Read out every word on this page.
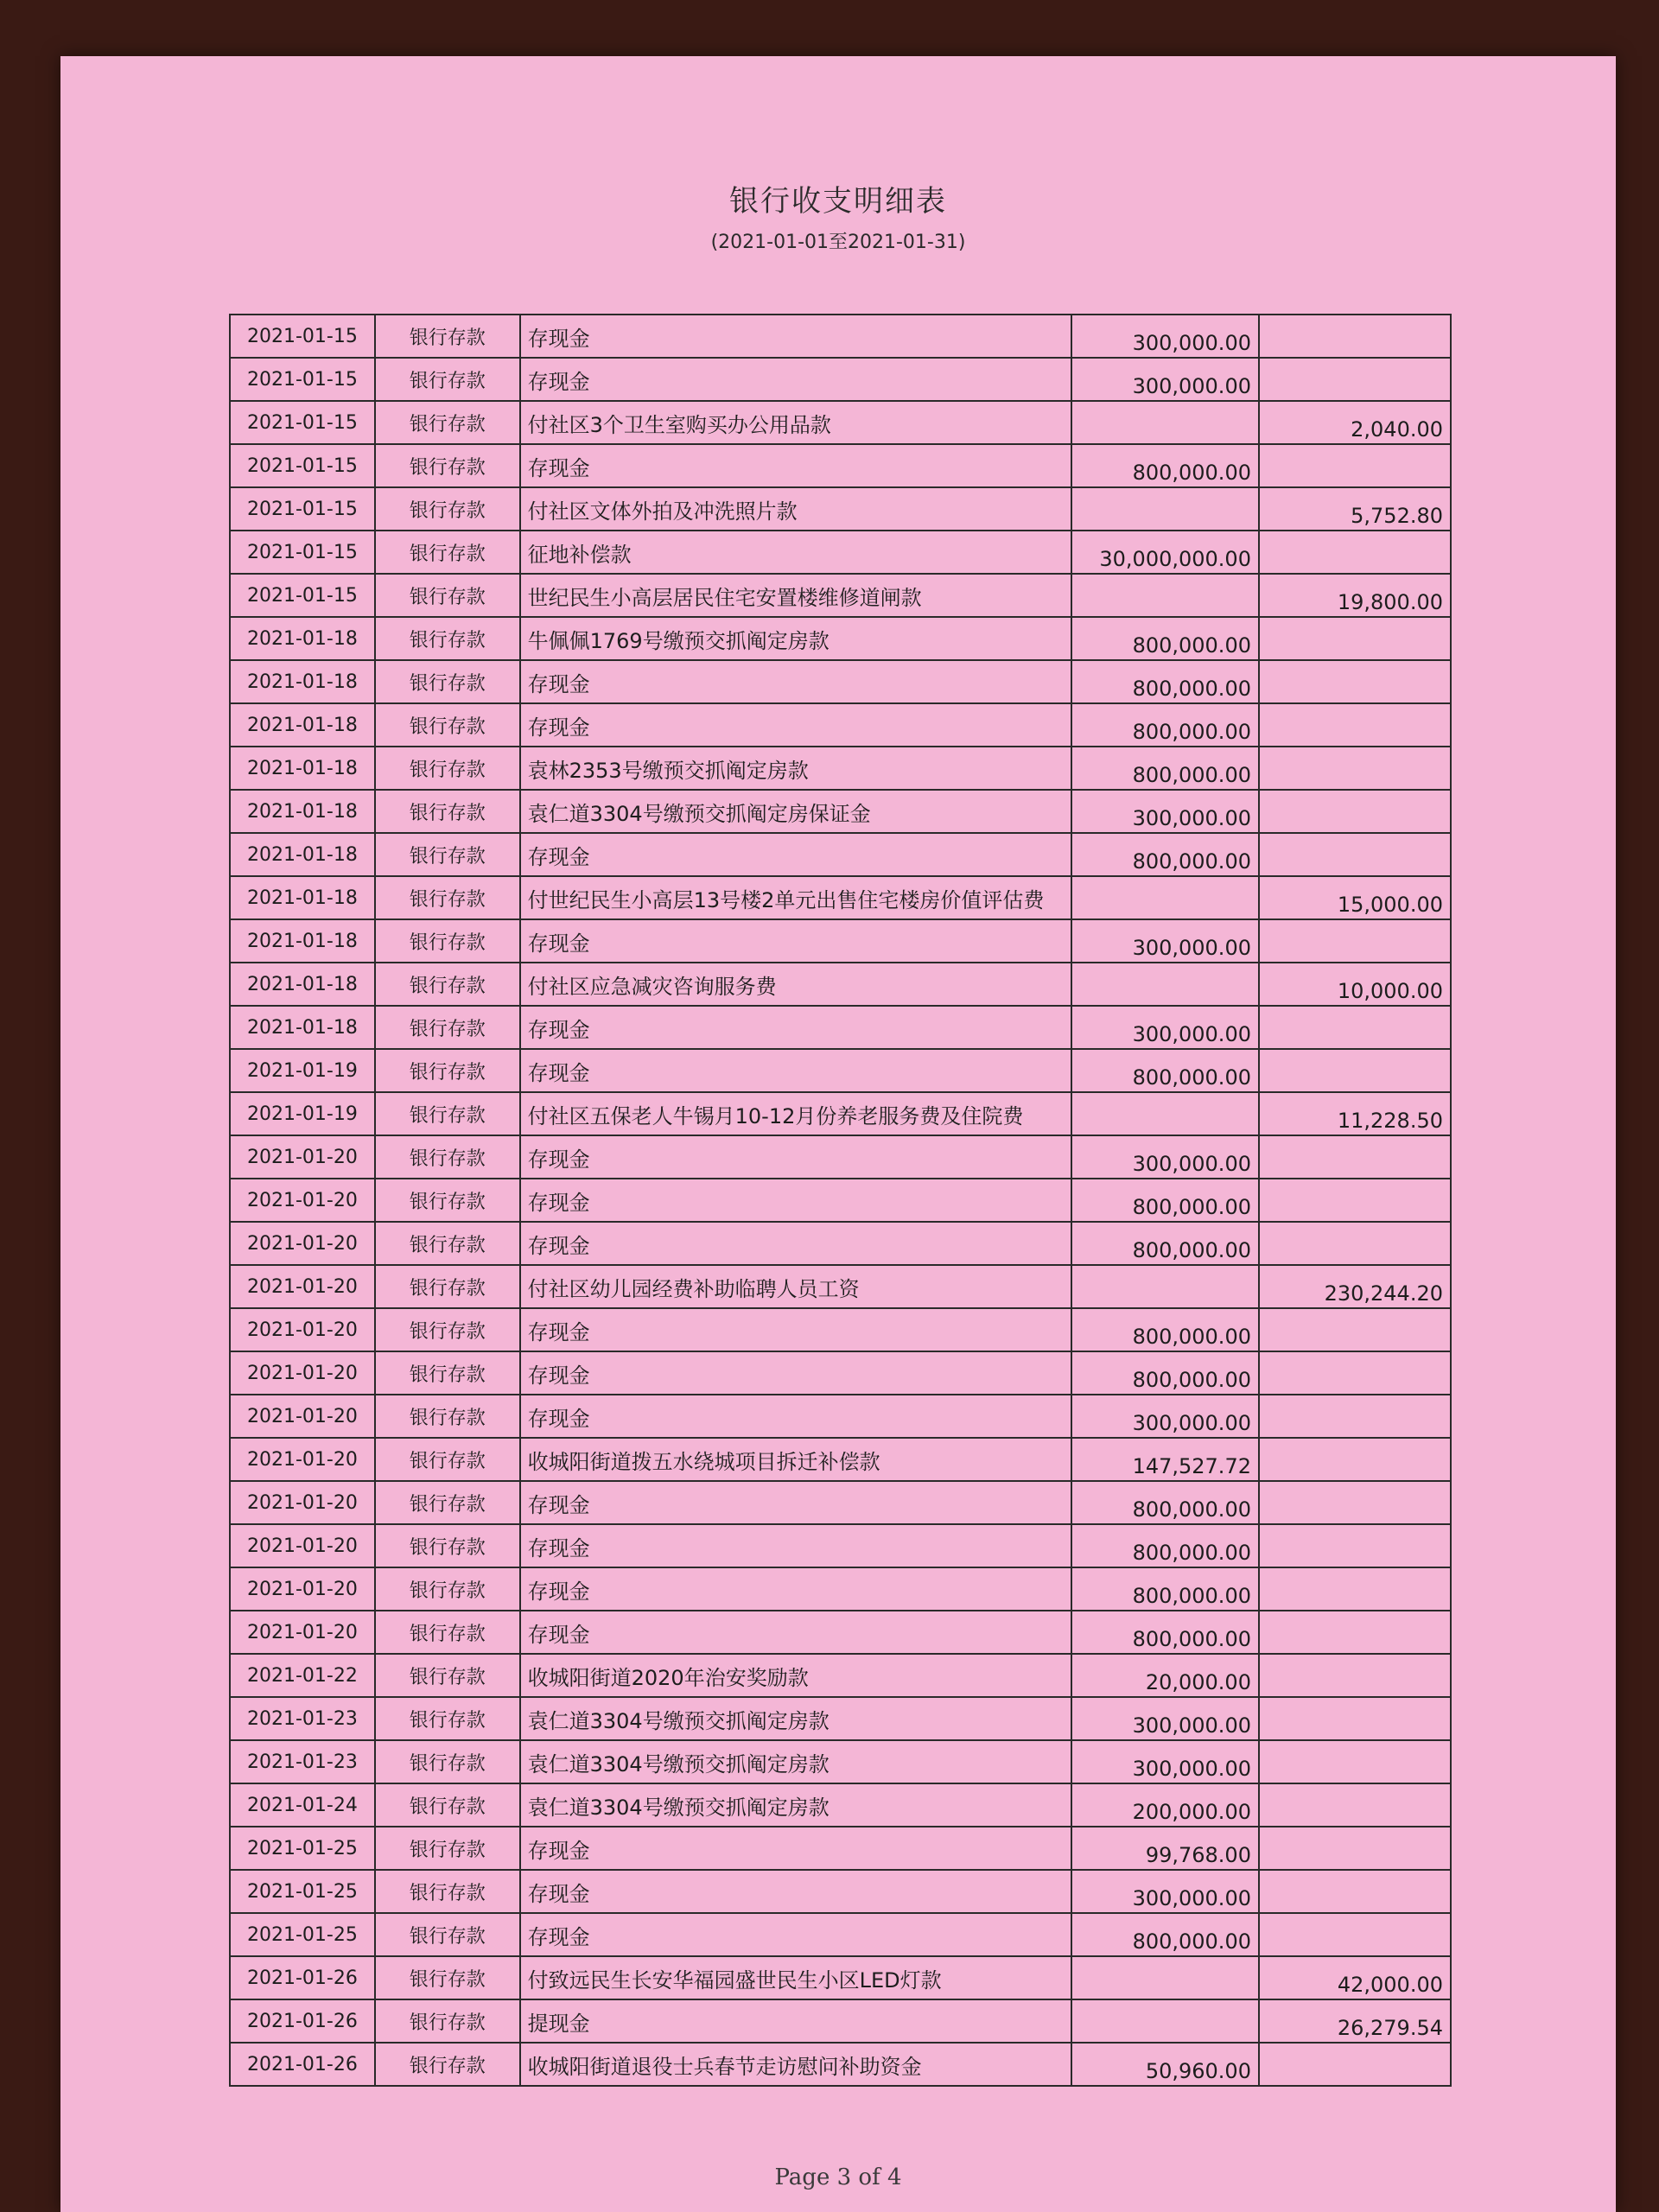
银行收支明细表
(2021-01-01至2021-01-31)
2021-01-15	银行存款	存现金	300,000.00	
2021-01-15	银行存款	存现金	300,000.00	
2021-01-15	银行存款	付社区3个卫生室购买办公用品款		2,040.00
2021-01-15	银行存款	存现金	800,000.00	
2021-01-15	银行存款	付社区文体外拍及冲洗照片款		5,752.80
2021-01-15	银行存款	征地补偿款	30,000,000.00	
2021-01-15	银行存款	世纪民生小高层居民住宅安置楼维修道闸款		19,800.00
2021-01-18	银行存款	牛佩佩1769号缴预交抓阄定房款	800,000.00	
2021-01-18	银行存款	存现金	800,000.00	
2021-01-18	银行存款	存现金	800,000.00	
2021-01-18	银行存款	袁林2353号缴预交抓阄定房款	800,000.00	
2021-01-18	银行存款	袁仁道3304号缴预交抓阄定房保证金	300,000.00	
2021-01-18	银行存款	存现金	800,000.00	
2021-01-18	银行存款	付世纪民生小高层13号楼2单元出售住宅楼房价值评估费		15,000.00
2021-01-18	银行存款	存现金	300,000.00	
2021-01-18	银行存款	付社区应急减灾咨询服务费		10,000.00
2021-01-18	银行存款	存现金	300,000.00	
2021-01-19	银行存款	存现金	800,000.00	
2021-01-19	银行存款	付社区五保老人牛锡月10-12月份养老服务费及住院费		11,228.50
2021-01-20	银行存款	存现金	300,000.00	
2021-01-20	银行存款	存现金	800,000.00	
2021-01-20	银行存款	存现金	800,000.00	
2021-01-20	银行存款	付社区幼儿园经费补助临聘人员工资		230,244.20
2021-01-20	银行存款	存现金	800,000.00	
2021-01-20	银行存款	存现金	800,000.00	
2021-01-20	银行存款	存现金	300,000.00	
2021-01-20	银行存款	收城阳街道拨五水绕城项目拆迁补偿款	147,527.72	
2021-01-20	银行存款	存现金	800,000.00	
2021-01-20	银行存款	存现金	800,000.00	
2021-01-20	银行存款	存现金	800,000.00	
2021-01-20	银行存款	存现金	800,000.00	
2021-01-22	银行存款	收城阳街道2020年治安奖励款	20,000.00	
2021-01-23	银行存款	袁仁道3304号缴预交抓阄定房款	300,000.00	
2021-01-23	银行存款	袁仁道3304号缴预交抓阄定房款	300,000.00	
2021-01-24	银行存款	袁仁道3304号缴预交抓阄定房款	200,000.00	
2021-01-25	银行存款	存现金	99,768.00	
2021-01-25	银行存款	存现金	300,000.00	
2021-01-25	银行存款	存现金	800,000.00	
2021-01-26	银行存款	付致远民生长安华福园盛世民生小区LED灯款		42,000.00
2021-01-26	银行存款	提现金		26,279.54
2021-01-26	银行存款	收城阳街道退役士兵春节走访慰问补助资金	50,960.00	
Page 3 of 4
